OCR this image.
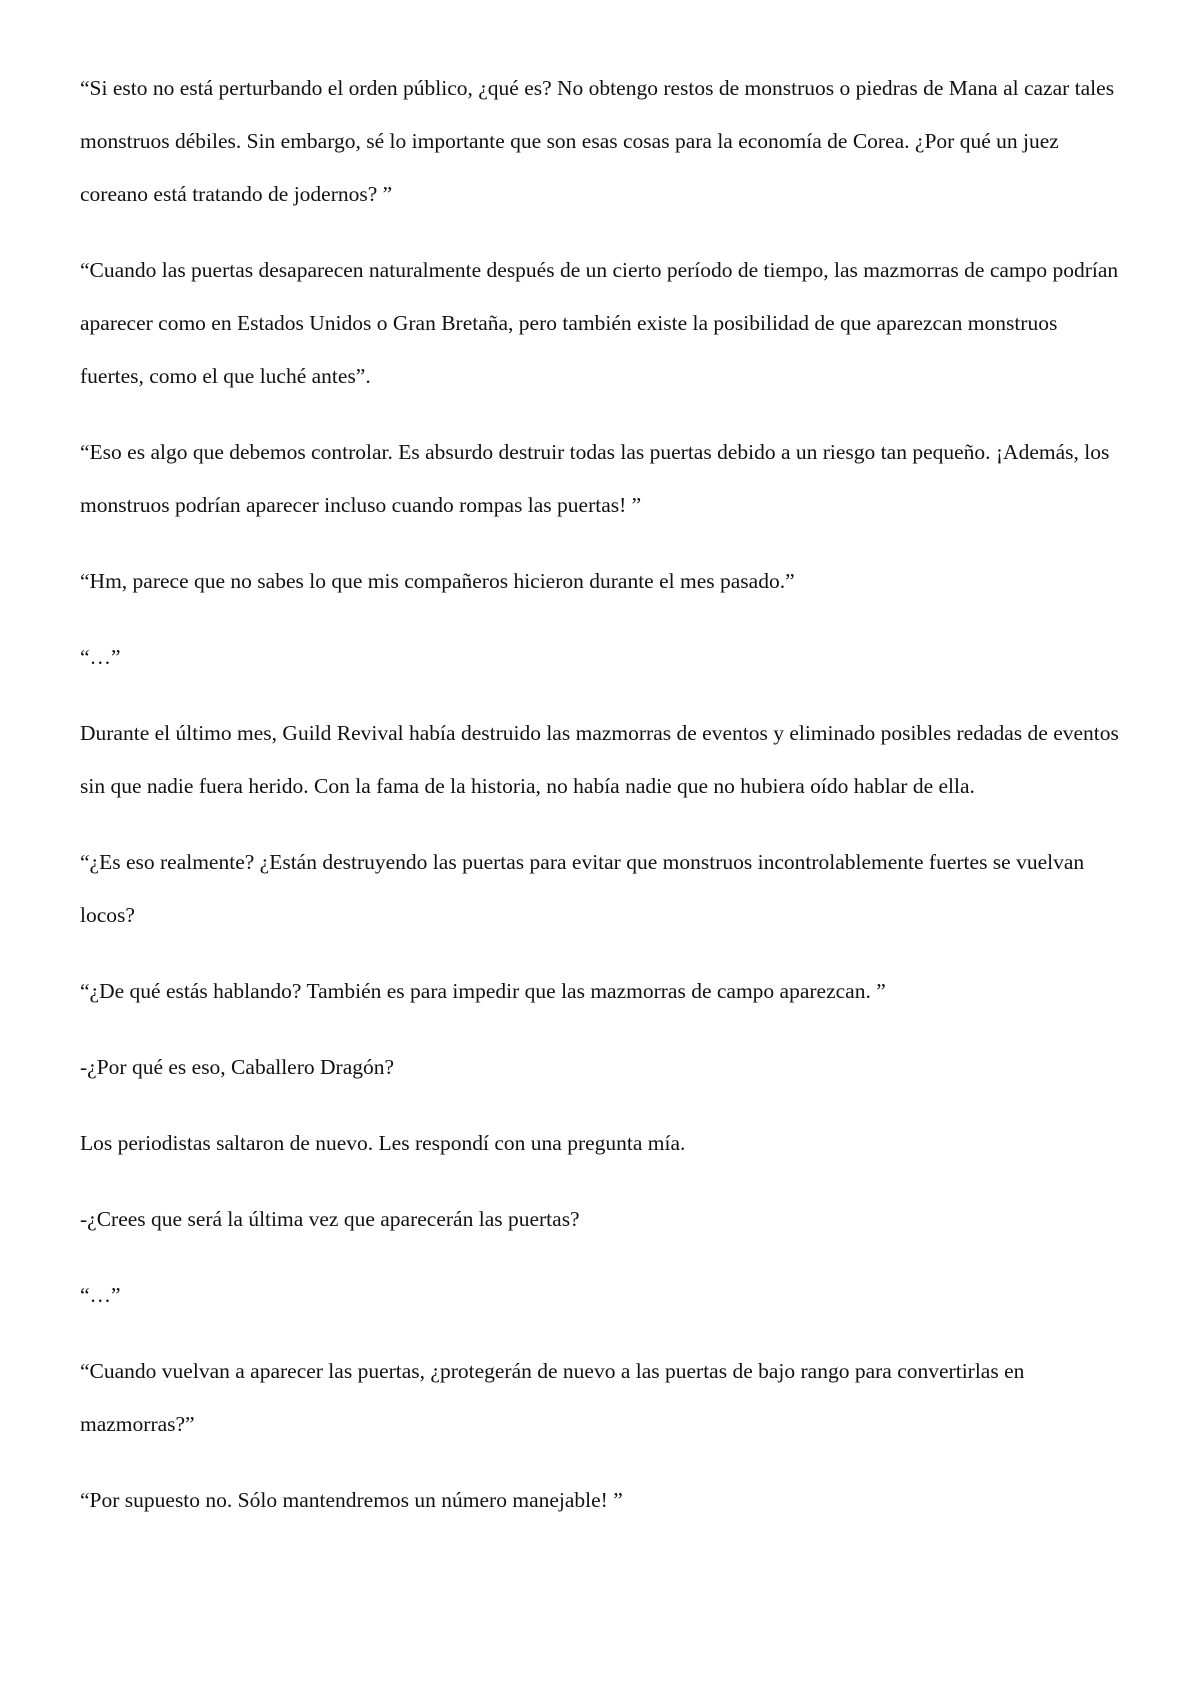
“Si esto no está perturbando el orden público, ¿qué es? No obtengo restos de monstruos o piedras de Mana al cazar tales monstruos débiles. Sin embargo, sé lo importante que son esas cosas para la economía de Corea. ¿Por qué un juez coreano está tratando de jodernos? ”

“Cuando las puertas desaparecen naturalmente después de un cierto período de tiempo, las mazmorras de campo podrían aparecer como en Estados Unidos o Gran Bretaña, pero también existe la posibilidad de que aparezcan monstruos fuertes, como el que luché antes”.

“Eso es algo que debemos controlar. Es absurdo destruir todas las puertas debido a un riesgo tan pequeño. ¡Además, los monstruos podrían aparecer incluso cuando rompas las puertas! ”

“Hm, parece que no sabes lo que mis compañeros hicieron durante el mes pasado.”

“…”

Durante el último mes, Guild Revival había destruido las mazmorras de eventos y eliminado posibles redadas de eventos sin que nadie fuera herido. Con la fama de la historia, no había nadie que no hubiera oído hablar de ella.

“¿Es eso realmente? ¿Están destruyendo las puertas para evitar que monstruos incontrolablemente fuertes se vuelvan locos?

“¿De qué estás hablando? También es para impedir que las mazmorras de campo aparezcan. ”

-¿Por qué es eso, Caballero Dragón?

Los periodistas saltaron de nuevo. Les respondí con una pregunta mía.

-¿Crees que será la última vez que aparecerán las puertas?

“…”

“Cuando vuelvan a aparecer las puertas, ¿protegerán de nuevo a las puertas de bajo rango para convertirlas en mazmorras?”

“Por supuesto no. Sólo mantendremos un número manejable! ”
